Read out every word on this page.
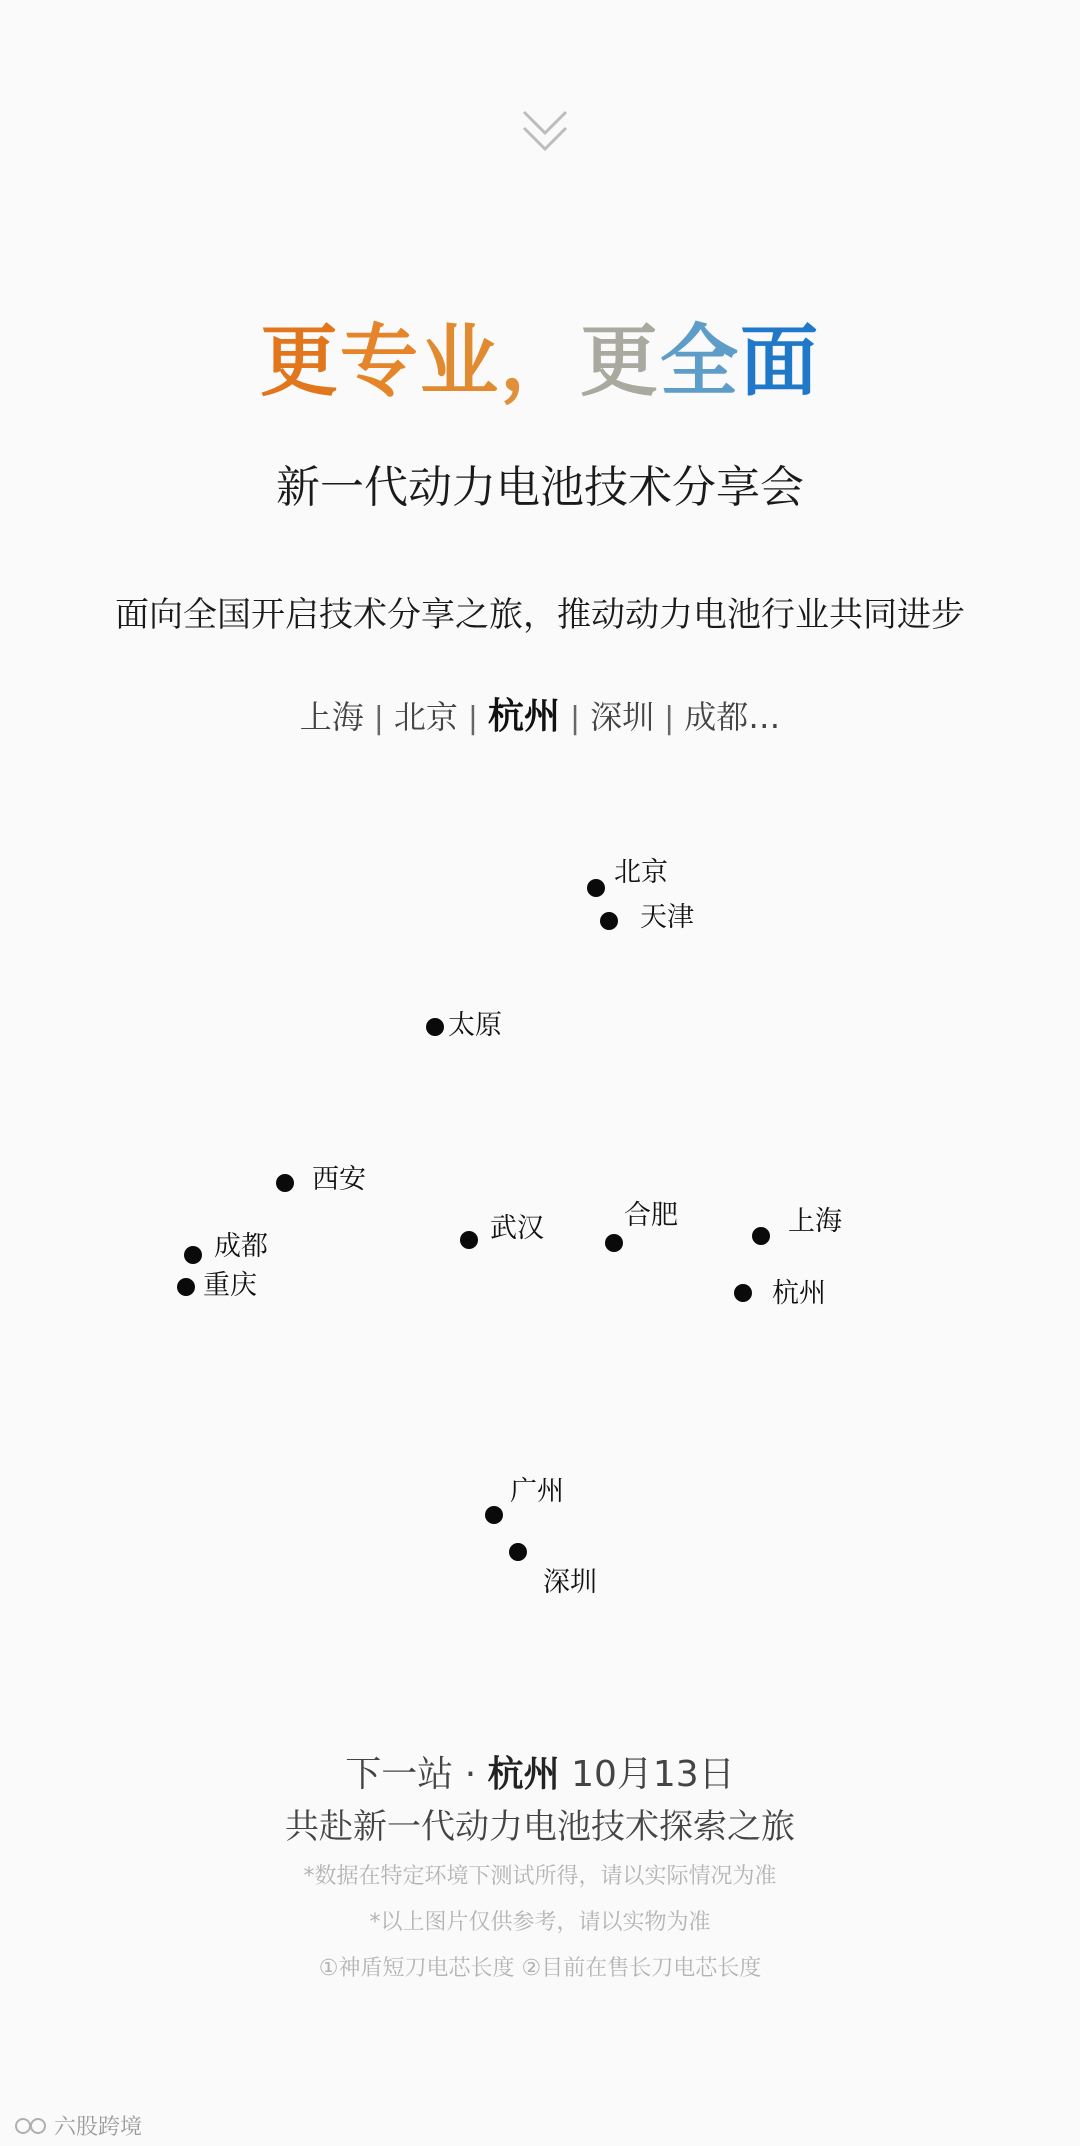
更专业，更全面
新一代动力电池技术分享会
面向全国开启技术分享之旅，推动动力电池行业共同进步
上海 | 北京 | 杭州 | 深圳 | 成都…
北京
天津
太原
西安
成都
重庆
武汉	合肥	上海
杭州
广州
深圳
下一站 · 杭州 10月13日
共赴新一代动力电池技术探索之旅
*数据在特定环境下测试所得，请以实际情况为准
*以上图片仅供参考，请以实物为准
①神盾短刀电芯长度 ②目前在售长刀电芯长度
六股跨境
